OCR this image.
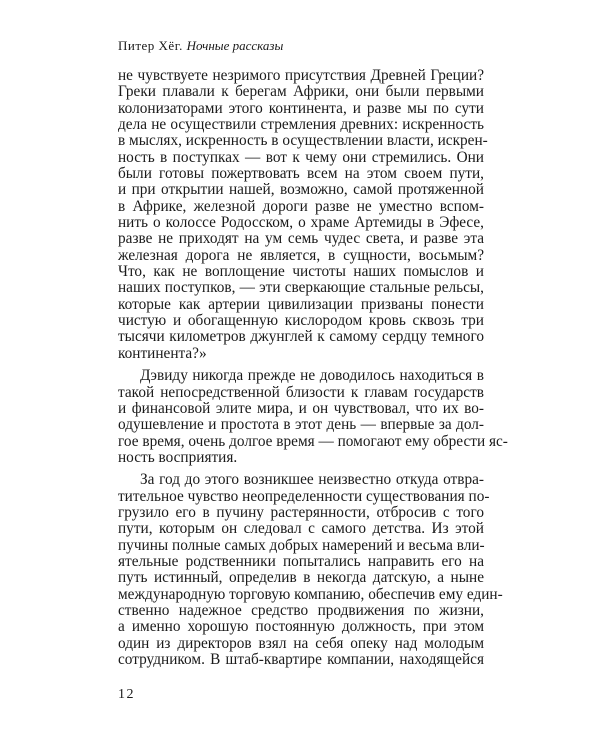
Питер Хёг. Ночные рассказы
не чувствуете незримого присутствия Древней Греции?
Греки плавали к берегам Африки, они были первыми
колонизаторами этого континента, и разве мы по сути
дела не осуществили стремления древних: искренность
в мыслях, искренность в осуществлении власти, искрен-
ность в поступках — вот к чему они стремились. Они
были готовы пожертвовать всем на этом своем пути,
и при открытии нашей, возможно, самой протяженной
в Африке, железной дороги разве не уместно вспом-
нить о колоссе Родосском, о храме Артемиды в Эфесе,
разве не приходят на ум семь чудес света, и разве эта
железная дорога не является, в сущности, восьмым?
Что, как не воплощение чистоты наших помыслов и
наших поступков, — эти сверкающие стальные рельсы,
которые как артерии цивилизации призваны понести
чистую и обогащенную кислородом кровь сквозь три
тысячи километров джунглей к самому сердцу темного
континента?»
Дэвиду никогда прежде не доводилось находиться в
такой непосредственной близости к главам государств
и финансовой элите мира, и он чувствовал, что их во-
одушевление и простота в этот день — впервые за дол-
гое время, очень долгое время — помогают ему обрести яс-
ность восприятия.
За год до этого возникшее неизвестно откуда отвра-
тительное чувство неопределенности существования по-
грузило его в пучину растерянности, отбросив с того
пути, которым он следовал с самого детства. Из этой
пучины полные самых добрых намерений и весьма вли-
ятельные родственники попытались направить его на
путь истинный, определив в некогда датскую, а ныне
международную торговую компанию, обеспечив ему един-
ственно надежное средство продвижения по жизни,
а именно хорошую постоянную должность, при этом
один из директоров взял на себя опеку над молодым
сотрудником. В штаб-квартире компании, находящейся
12
